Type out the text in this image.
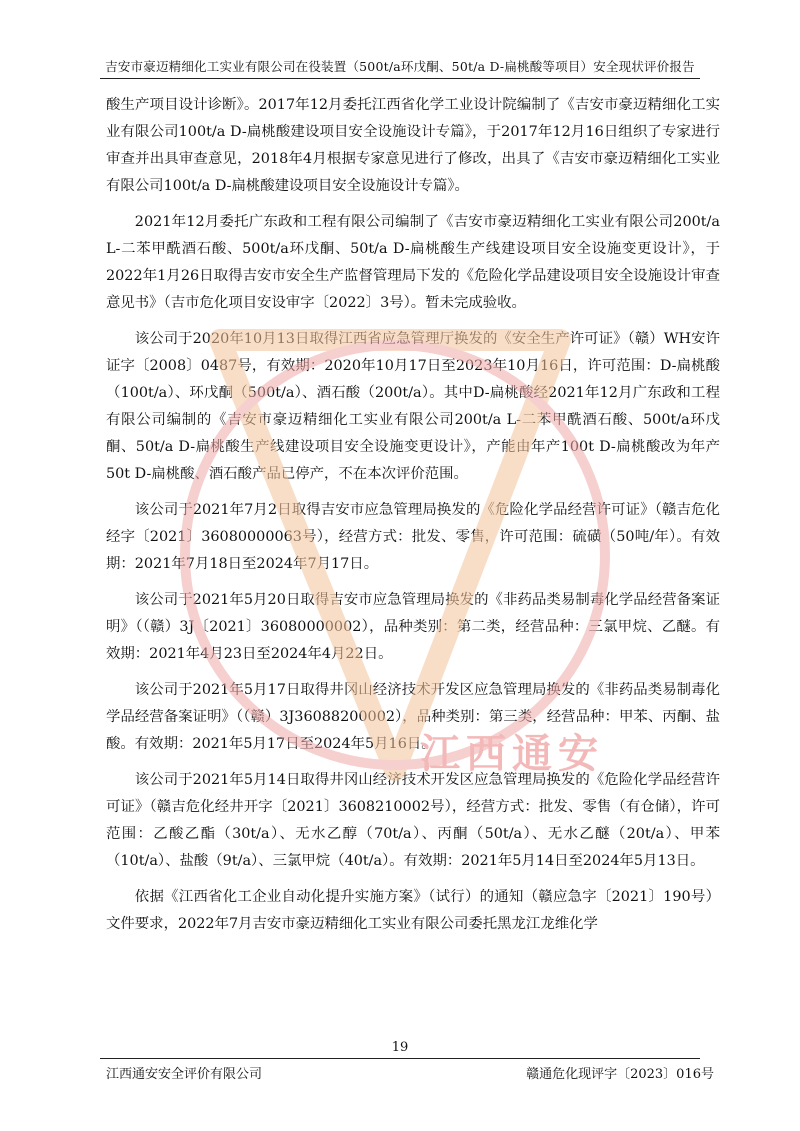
吉安市豪迈精细化工实业有限公司在役装置（500t/a环戊酮、50t/a D-扁桃酸等项目）安全现状评价报告

酸生产项目设计诊断》。2017年12月委托江西省化学工业设计院编制了《吉安市豪迈精细化工实业有限公司100t/a D-扁桃酸建设项目安全设施设计专篇》，于2017年12月16日组织了专家进行审查并出具审查意见，2018年4月根据专家意见进行了修改，出具了《吉安市豪迈精细化工实业有限公司100t/a D-扁桃酸建设项目安全设施设计专篇》。

2021年12月委托广东政和工程有限公司编制了《吉安市豪迈精细化工实业有限公司200t/a L-二苯甲酰酒石酸、500t/a环戊酮、50t/a D-扁桃酸生产线建设项目安全设施变更设计》，于2022年1月26日取得吉安市安全生产监督管理局下发的《危险化学品建设项目安全设施设计审查意见书》（吉市危化项目安设审字〔2022〕3号）。暂未完成验收。

该公司于2020年10月13日取得江西省应急管理厅换发的《安全生产许可证》（赣）WH安许证字〔2008〕0487号，有效期：2020年10月17日至2023年10月16日，许可范围：D-扁桃酸（100t/a）、环戊酮（500t/a）、酒石酸（200t/a）。其中D-扁桃酸经2021年12月广东政和工程有限公司编制的《吉安市豪迈精细化工实业有限公司200t/a L-二苯甲酰酒石酸、500t/a环戊酮、50t/a D-扁桃酸生产线建设项目安全设施变更设计》，产能由年产100t D-扁桃酸改为年产50t D-扁桃酸、酒石酸产品已停产，不在本次评价范围。

该公司于2021年7月2日取得吉安市应急管理局换发的《危险化学品经营许可证》（赣吉危化经字〔2021〕36080000063号），经营方式：批发、零售，许可范围：硫磺（50吨/年）。有效期：2021年7月18日至2024年7月17日。

该公司于2021年5月20日取得吉安市应急管理局换发的《非药品类易制毒化学品经营备案证明》（（赣）3J〔2021〕36080000002），品种类别：第二类，经营品种：三氯甲烷、乙醚。有效期：2021年4月23日至2024年4月22日。

该公司于2021年5月17日取得井冈山经济技术开发区应急管理局换发的《非药品类易制毒化学品经营备案证明》（（赣）3J36088200002），品种类别：第三类，经营品种：甲苯、丙酮、盐酸。有效期：2021年5月17日至2024年5月16日。

该公司于2021年5月14日取得井冈山经济技术开发区应急管理局换发的《危险化学品经营许可证》（赣吉危化经井开字〔2021〕3608210002号），经营方式：批发、零售（有仓储），许可范围：乙酸乙酯（30t/a）、无水乙醇（70t/a）、丙酮（50t/a）、无水乙醚（20t/a）、甲苯（10t/a）、盐酸（9t/a）、三氯甲烷（40t/a）。有效期：2021年5月14日至2024年5月13日。

依据《江西省化工企业自动化提升实施方案》（试行）的通知（赣应急字〔2021〕190号）文件要求，2022年7月吉安市豪迈精细化工实业有限公司委托黑龙江龙维化学

江西通安
19
江西通安安全评价有限公司	赣通危化现评字〔2023〕016号
